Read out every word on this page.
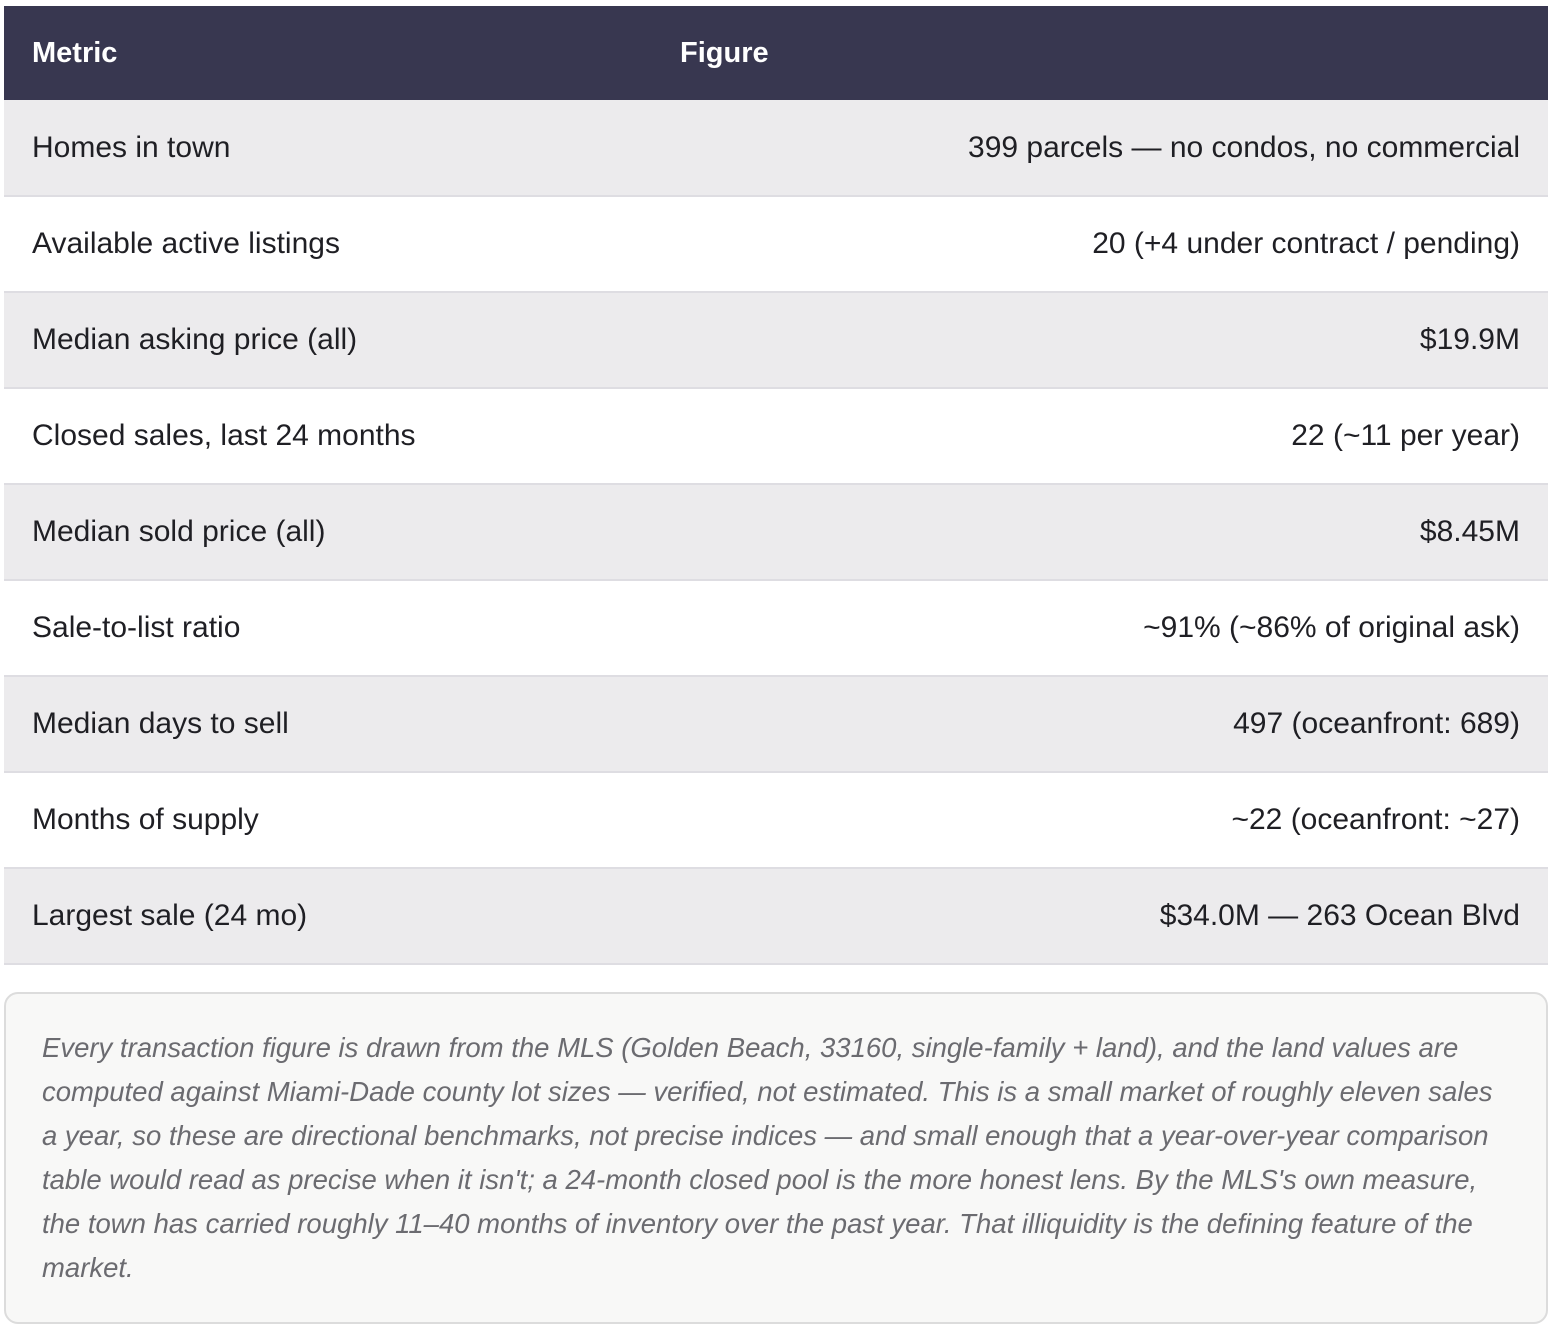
Metric	Figure
Homes in town	399 parcels — no condos, no commercial
Available active listings	20 (+4 under contract / pending)
Median asking price (all)	$19.9M
Closed sales, last 24 months	22 (~11 per year)
Median sold price (all)	$8.45M
Sale-to-list ratio	~91% (~86% of original ask)
Median days to sell	497 (oceanfront: 689)
Months of supply	~22 (oceanfront: ~27)
Largest sale (24 mo)	$34.0M — 263 Ocean Blvd

Every transaction figure is drawn from the MLS (Golden Beach, 33160, single-family + land), and the land values are computed against Miami-Dade county lot sizes — verified, not estimated. This is a small market of roughly eleven sales a year, so these are directional benchmarks, not precise indices — and small enough that a year-over-year comparison table would read as precise when it isn't; a 24-month closed pool is the more honest lens. By the MLS's own measure, the town has carried roughly 11–40 months of inventory over the past year. That illiquidity is the defining feature of the market.
